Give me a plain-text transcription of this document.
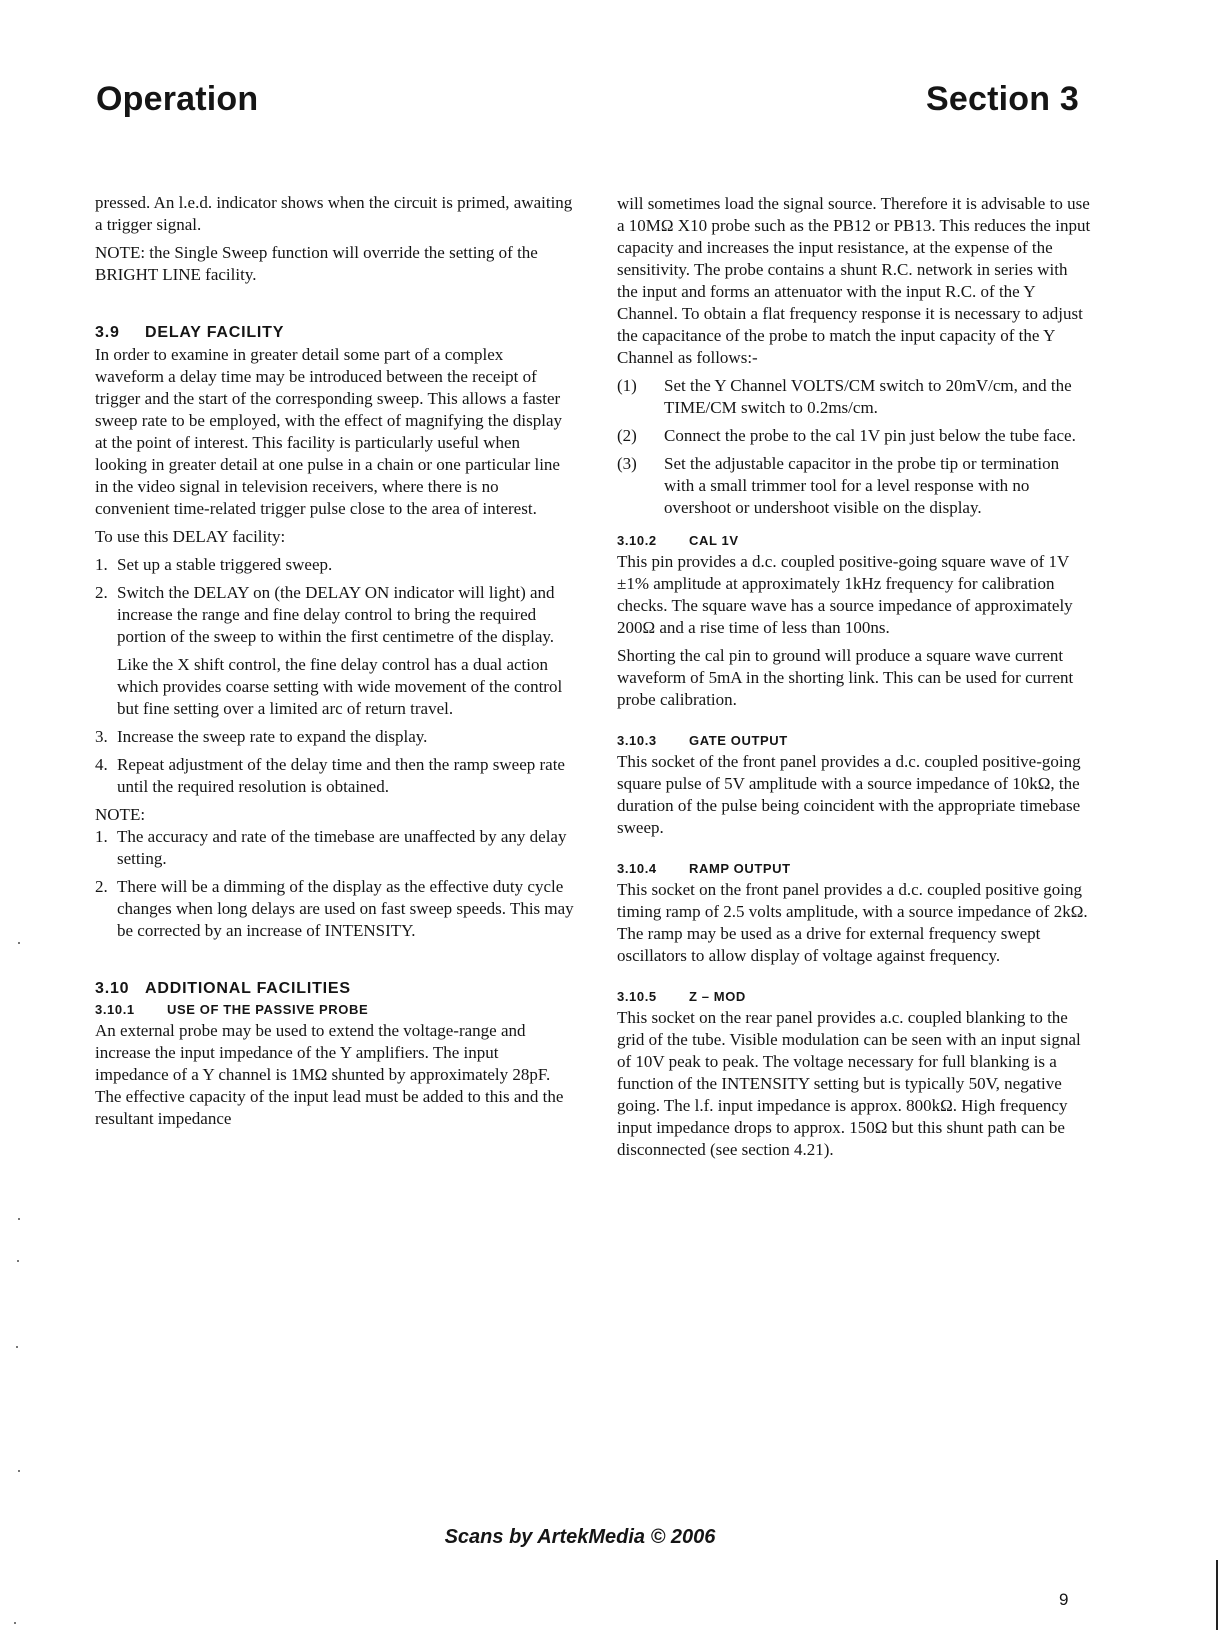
Operation	Section 3

pressed. An l.e.d. indicator shows when the circuit is primed, awaiting a trigger signal.

NOTE: the Single Sweep function will override the setting of the BRIGHT LINE facility.

3.9 DELAY FACILITY

In order to examine in greater detail some part of a complex waveform a delay time may be introduced between the receipt of trigger and the start of the corresponding sweep. This allows a faster sweep rate to be employed, with the effect of magnifying the display at the point of interest. This facility is particularly useful when looking in greater detail at one pulse in a chain or one particular line in the video signal in television receivers, where there is no convenient time-related trigger pulse close to the area of interest.

To use this DELAY facility:

1. Set up a stable triggered sweep.
2. Switch the DELAY on (the DELAY ON indicator will light) and increase the range and fine delay control to bring the required portion of the sweep to within the first centimetre of the display.
Like the X shift control, the fine delay control has a dual action which provides coarse setting with wide movement of the control but fine setting over a limited arc of return travel.
3. Increase the sweep rate to expand the display.
4. Repeat adjustment of the delay time and then the ramp sweep rate until the required resolution is obtained.

NOTE:

1. The accuracy and rate of the timebase are unaffected by any delay setting.
2. There will be a dimming of the display as the effective duty cycle changes when long delays are used on fast sweep speeds. This may be corrected by an increase of INTENSITY.
3.10 ADDITIONAL FACILITIES
3.10.1 USE OF THE PASSIVE PROBE

An external probe may be used to extend the voltage-range and increase the input impedance of the Y amplifiers. The input impedance of a Y channel is 1MΩ shunted by approximately 28pF. The effective capacity of the input lead must be added to this and the resultant impedance

will sometimes load the signal source. Therefore it is advisable to use a 10MΩ X10 probe such as the PB12 or PB13. This reduces the input capacity and increases the input resistance, at the expense of the sensitivity. The probe contains a shunt R.C. network in series with the input and forms an attenuator with the input R.C. of the Y Channel. To obtain a flat frequency response it is necessary to adjust the capacitance of the probe to match the input capacity of the Y Channel as follows:-

(1) Set the Y Channel VOLTS/CM switch to 20mV/cm, and the TIME/CM switch to 0.2ms/cm.
(2) Connect the probe to the cal 1V pin just below the tube face.
(3) Set the adjustable capacitor in the probe tip or termination with a small trimmer tool for a level response with no overshoot or undershoot visible on the display.
3.10.2 CAL 1V

This pin provides a d.c. coupled positive-going square wave of 1V ±1% amplitude at approximately 1kHz frequency for calibration checks. The square wave has a source impedance of approximately 200Ω and a rise time of less than 100ns.

Shorting the cal pin to ground will produce a square wave current waveform of 5mA in the shorting link. This can be used for current probe calibration.

3.10.3 GATE OUTPUT

This socket of the front panel provides a d.c. coupled positive-going square pulse of 5V amplitude with a source impedance of 10kΩ, the duration of the pulse being coincident with the appropriate timebase sweep.

3.10.4 RAMP OUTPUT

This socket on the front panel provides a d.c. coupled positive going timing ramp of 2.5 volts amplitude, with a source impedance of 2kΩ. The ramp may be used as a drive for external frequency swept oscillators to allow display of voltage against frequency.

3.10.5 Z – MOD

This socket on the rear panel provides a.c. coupled blanking to the grid of the tube. Visible modulation can be seen with an input signal of 10V peak to peak. The voltage necessary for full blanking is a function of the INTENSITY setting but is typically 50V, negative going. The l.f. input impedance is approx. 800kΩ. High frequency input impedance drops to approx. 150Ω but this shunt path can be disconnected (see section 4.21).

Scans by ArtekMedia © 2006
9
